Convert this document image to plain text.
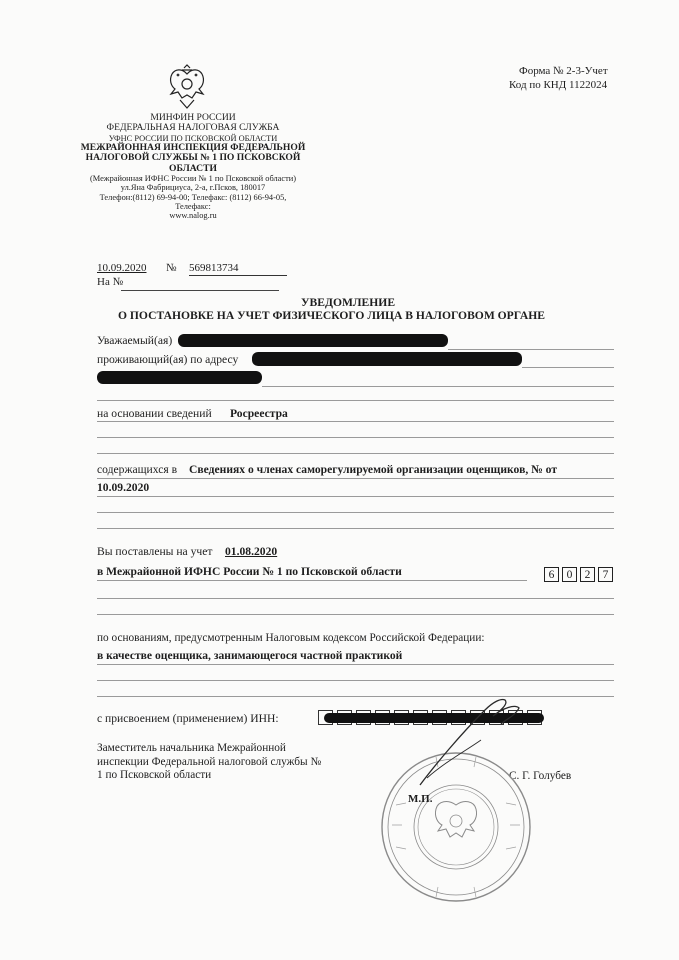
Форма № 2-3-Учет
Код по КНД 1122024
МИНФИН РОССИИ
ФЕДЕРАЛЬНАЯ НАЛОГОВАЯ СЛУЖБА
УФНС РОССИИ ПО ПСКОВСКОЙ ОБЛАСТИ
МЕЖРАЙОННАЯ ИНСПЕКЦИЯ ФЕДЕРАЛЬНОЙ
НАЛОГОВОЙ СЛУЖБЫ № 1 ПО ПСКОВСКОЙ
ОБЛАСТИ
(Межрайонная ИФНС России № 1 по Псковской области)
ул.Яна Фабрициуса, 2-а, г.Псков, 180017
Телефон:(8112) 69-94-00; Телефакс: (8112) 66-94-05,
Телефакс:
www.nalog.ru
10.09.2020 № 569813734
На №
УВЕДОМЛЕНИЕ
О ПОСТАНОВКЕ НА УЧЕТ ФИЗИЧЕСКОГО ЛИЦА В НАЛОГОВОМ ОРГАНЕ
Уважаемый(ая)
проживающий(ая) по адресу
на основании сведений Росреестра
содержащихся в Сведениях о членах саморегулируемой организации оценщиков, № от
10.09.2020
Вы поставлены на учет 01.08.2020
в Межрайонной ИФНС России № 1 по Псковской области	6	0	2	7
по основаниям, предусмотренным Налоговым кодексом Российской Федерации:
в качестве оценщика, занимающегося частной практикой
с присвоением (применением) ИНН:
Заместитель начальника Межрайонной
инспекции Федеральной налоговой службы №
1 по Псковской области	С. Г. Голубев
М.П.
